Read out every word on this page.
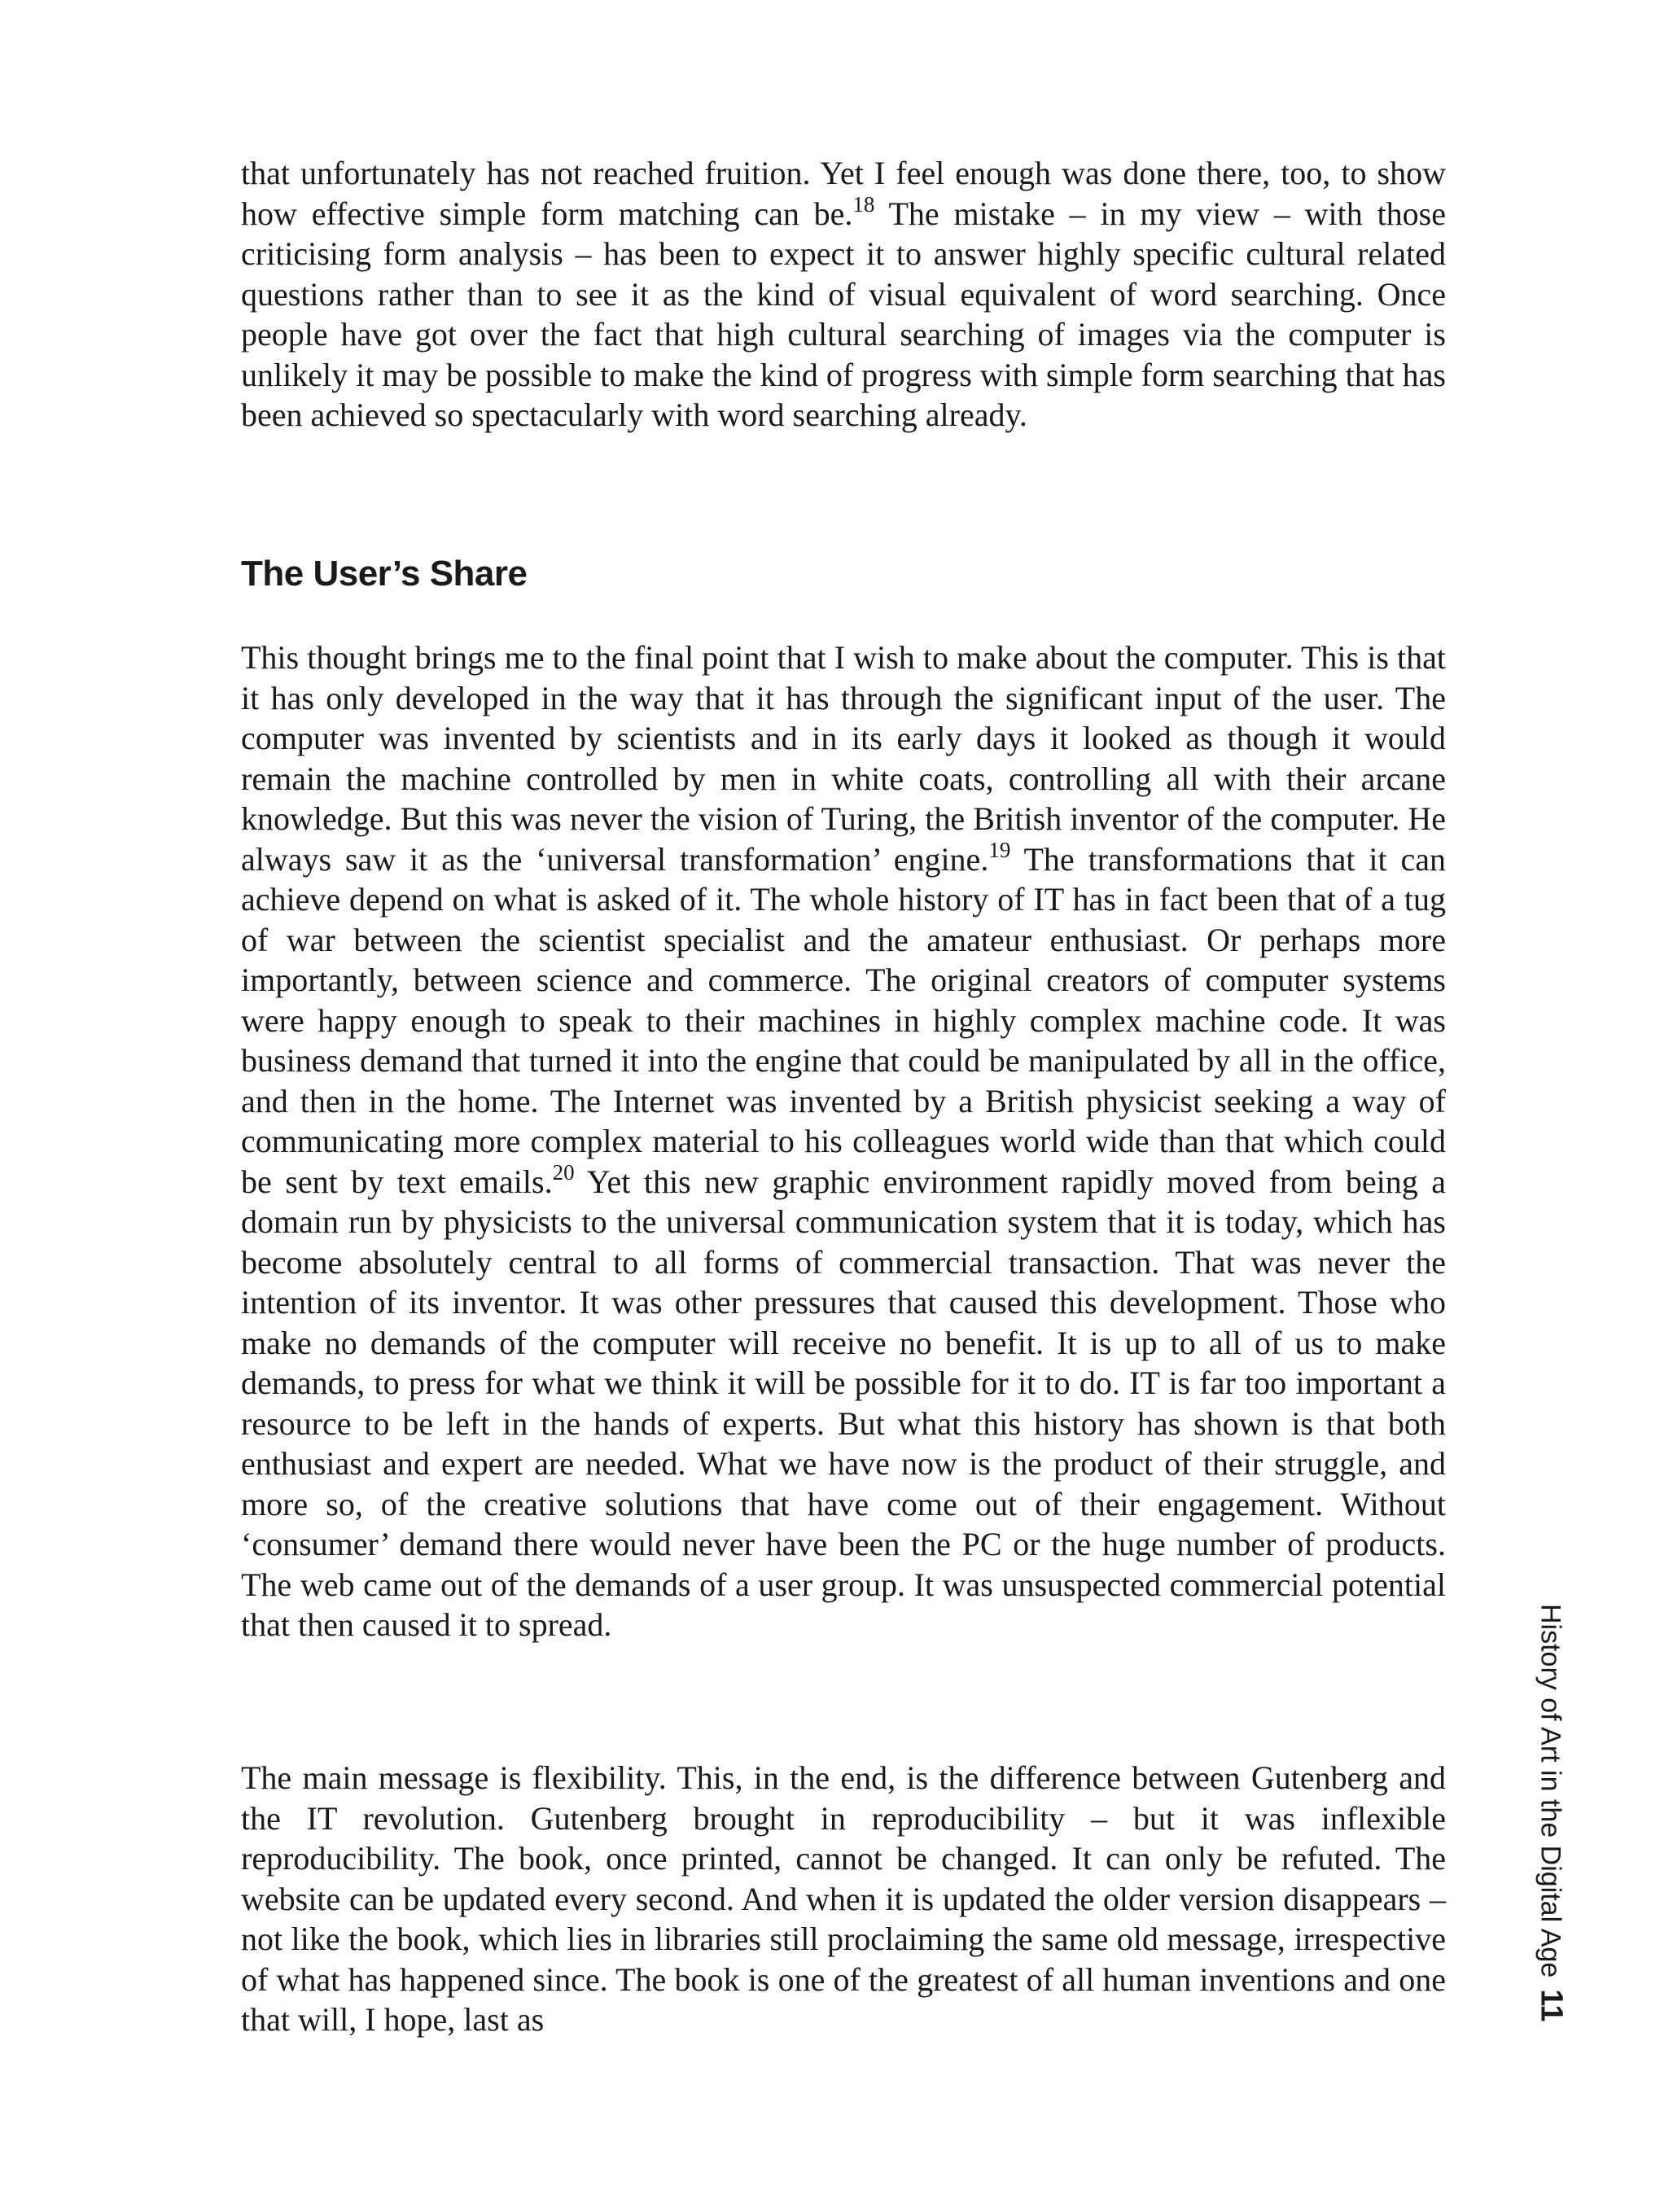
that unfortunately has not reached fruition. Yet I feel enough was done there, too, to show how effective simple form matching can be.$^{18}$ The mistake – in my view – with those criticising form analysis – has been to expect it to answer highly specific cultural related questions rather than to see it as the kind of visual equivalent of word searching. Once people have got over the fact that high cultural searching of images via the computer is unlikely it may be possible to make the kind of progress with simple form searching that has been achieved so spectacularly with word searching already.

The User’s Share

This thought brings me to the final point that I wish to make about the computer. This is that it has only developed in the way that it has through the significant input of the user. The computer was invented by scientists and in its early days it looked as though it would remain the machine controlled by men in white coats, controlling all with their arcane knowledge. But this was never the vision of Turing, the British inventor of the computer. He always saw it as the ‘universal transformation’ engine.$^{19}$ The transformations that it can achieve depend on what is asked of it. The whole history of IT has in fact been that of a tug of war between the scientist specialist and the amateur enthusiast. Or perhaps more importantly, between science and commerce. The original creators of computer systems were happy enough to speak to their machines in highly complex machine code. It was business demand that turned it into the engine that could be manipulated by all in the office, and then in the home. The Internet was invented by a British physicist seeking a way of communicating more complex material to his colleagues world wide than that which could be sent by text emails.$^{20}$ Yet this new graphic environment rapidly moved from being a domain run by physicists to the universal communication system that it is today, which has become absolutely central to all forms of commercial transaction. That was never the intention of its inventor. It was other pressures that caused this development. Those who make no demands of the computer will receive no benefit. It is up to all of us to make demands, to press for what we think it will be possible for it to do. IT is far too important a resource to be left in the hands of experts. But what this history has shown is that both enthusiast and expert are needed. What we have now is the product of their struggle, and more so, of the creative solutions that have come out of their engagement. Without ‘consumer’ demand there would never have been the PC or the huge number of products. The web came out of the demands of a user group. It was unsuspected commercial potential that then caused it to spread.

The main message is flexibility. This, in the end, is the difference between Gutenberg and the IT revolution. Gutenberg brought in reproducibility – but it was inflexible reproducibility. The book, once printed, cannot be changed. It can only be refuted. The website can be updated every second. And when it is updated the older version disappears – not like the book, which lies in libraries still proclaiming the same old message, irrespective of what has happened since. The book is one of the greatest of all human inventions and one that will, I hope, last as

History of Art in the Digital Age11
